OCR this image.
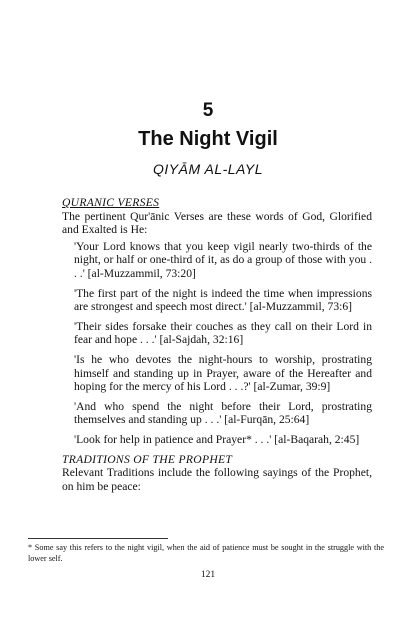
5
The Night Vigil
QIYĀM AL-LAYL

QURANIC VERSES

The pertinent Qur'ānic Verses are these words of God, Glorified and Exalted is He:

'Your Lord knows that you keep vigil nearly two-thirds of the night, or half or one-third of it, as do a group of those with you . . .' [al-Muzzammil, 73:20]

'The first part of the night is indeed the time when impressions are strongest and speech most direct.' [al-Muzzammil, 73:6]

'Their sides forsake their couches as they call on their Lord in fear and hope . . .' [al-Sajdah, 32:16]

'Is he who devotes the night-hours to worship, prostrating himself and standing up in Prayer, aware of the Hereafter and hoping for the mercy of his Lord . . .?' [al-Zumar, 39:9]

'And who spend the night before their Lord, prostrating themselves and standing up . . .' [al-Furqān, 25:64]

'Look for help in patience and Prayer* . . .' [al-Baqarah, 2:45]

TRADITIONS OF THE PROPHET

Relevant Traditions include the following sayings of the Prophet, on him be peace:

* Some say this refers to the night vigil, when the aid of patience must be sought in the struggle with the lower self.
121
